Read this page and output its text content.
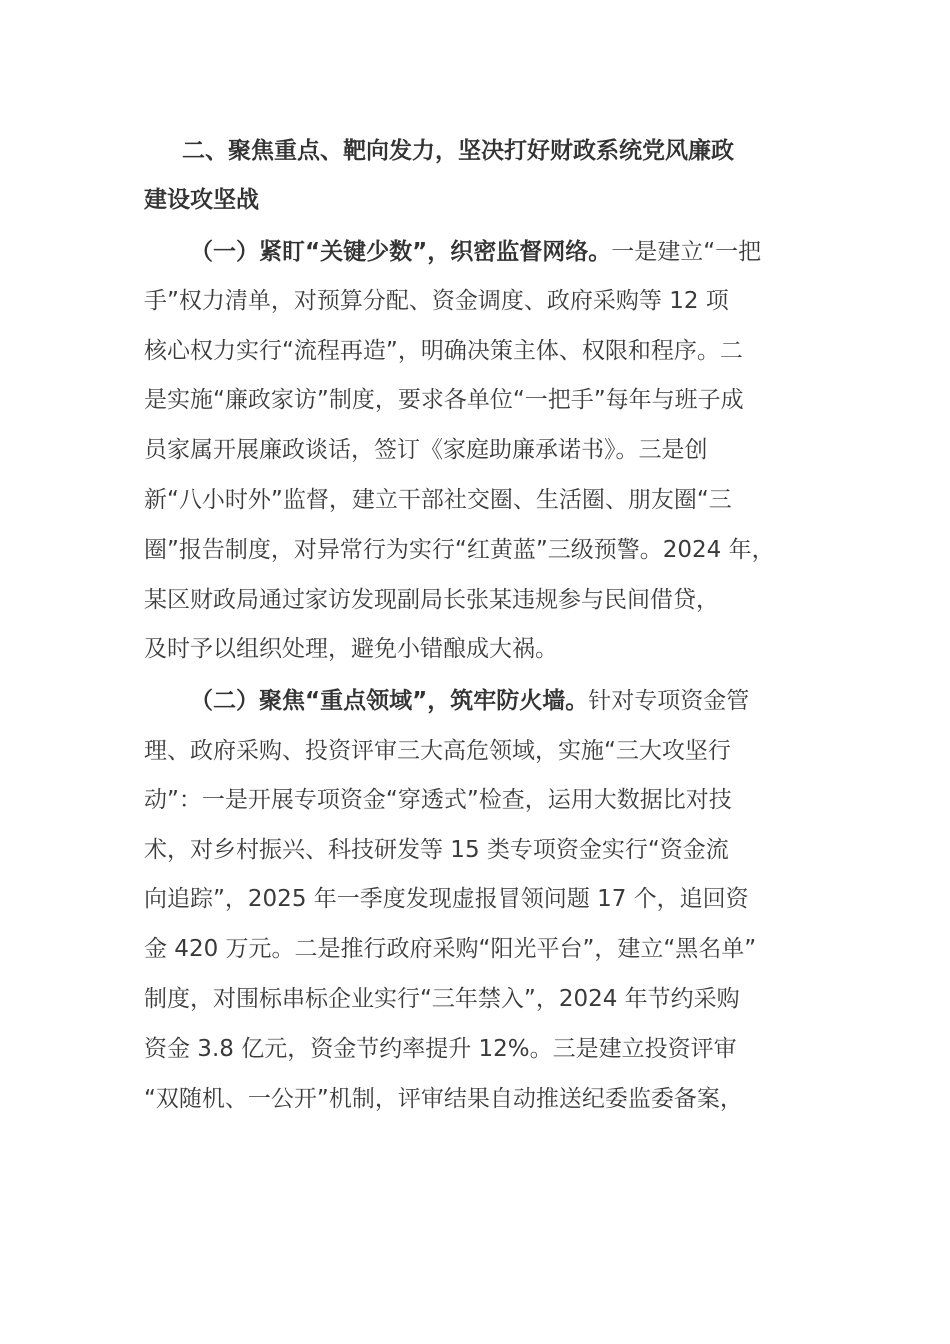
二、聚焦重点、靶向发力，坚决打好财政系统党风廉政
建设攻坚战
（一）紧盯“关键少数”，织密监督网络。一是建立“一把
手”权力清单，对预算分配、资金调度、政府采购等 12 项
核心权力实行“流程再造”，明确决策主体、权限和程序。二
是实施“廉政家访”制度，要求各单位“一把手”每年与班子成
员家属开展廉政谈话，签订《家庭助廉承诺书》。三是创
新“八小时外”监督，建立干部社交圈、生活圈、朋友圈“三
圈”报告制度，对异常行为实行“红黄蓝”三级预警。2024 年，
某区财政局通过家访发现副局长张某违规参与民间借贷，
及时予以组织处理，避免小错酿成大祸。
（二）聚焦“重点领域”，筑牢防火墙。针对专项资金管
理、政府采购、投资评审三大高危领域，实施“三大攻坚行
动”：一是开展专项资金“穿透式”检查，运用大数据比对技
术，对乡村振兴、科技研发等 15 类专项资金实行“资金流
向追踪”，2025 年一季度发现虚报冒领问题 17 个，追回资
金 420 万元。二是推行政府采购“阳光平台”，建立“黑名单”
制度，对围标串标企业实行“三年禁入”，2024 年节约采购
资金 3.8 亿元，资金节约率提升 12%。三是建立投资评审
“双随机、一公开”机制，评审结果自动推送纪委监委备案，
